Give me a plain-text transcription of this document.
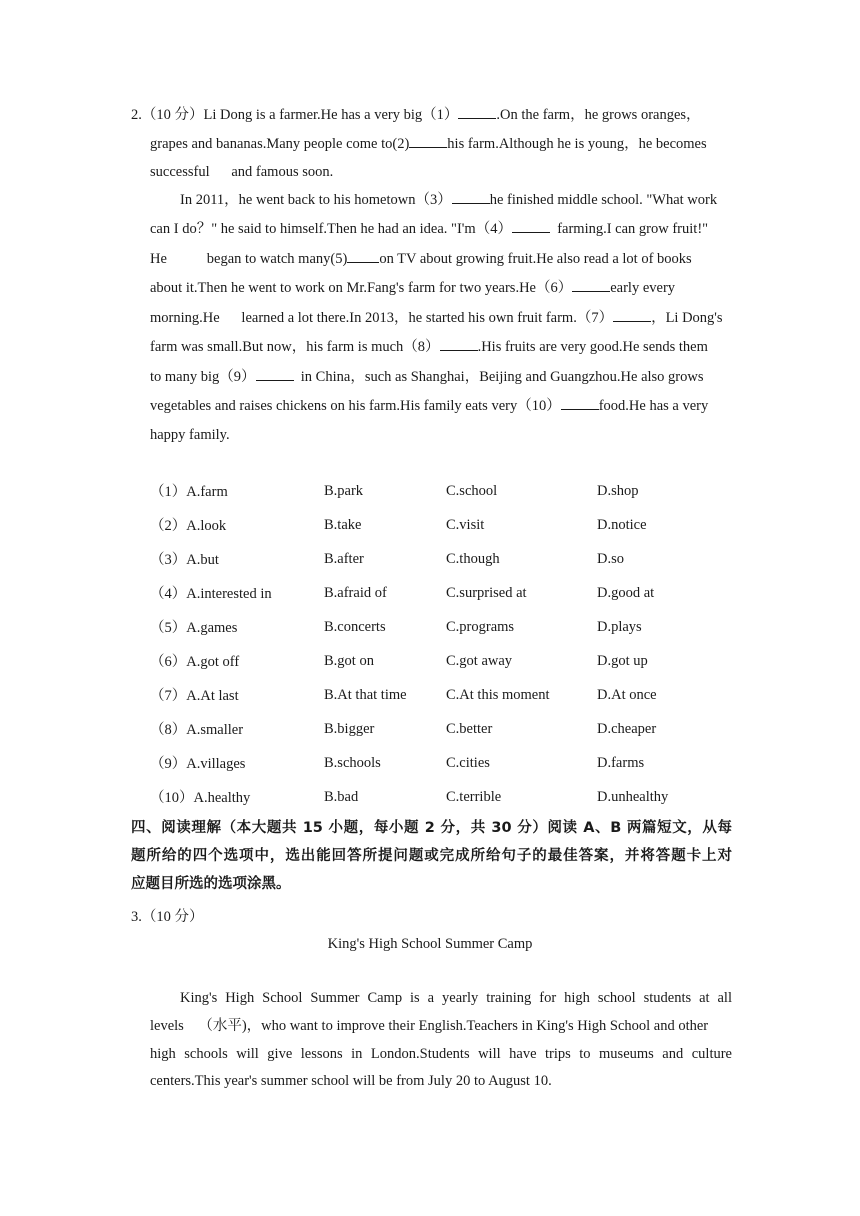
2.（10 分）Li Dong is a farmer.He has a very big（1）	.On the farm，he grows oranges，
grapes and bananas.Many people come to(2)	his farm.Although he is young，he becomes
successful      and famous soon.
In 2011，he went back to his hometown（3）	he finished middle school. "What work
can I do？" he said to himself.Then he had an idea. "I'm（4）	farming.I can grow fruit!"
He           began to watch many(5) on TV about growing fruit.He also read a lot of books
about it.Then he went to work on Mr.Fang's farm for two years.He（6）	early every
morning.He      learned a lot there.In 2013，he started his own fruit farm.（7）	，Li Dong's
farm was small.But now，his farm is much（8）	.His fruits are very good.He sends them
to many big（9）	in China，such as Shanghai，Beijing and Guangzhou.He also grows
vegetables and raises chickens on his farm.His family eats very（10）	food.He has a very
happy family.
（1）A.farm	B.park	C.school	D.shop
（2）A.look	B.take	C.visit	D.notice
（3）A.but	B.after	C.though	D.so
（4）A.interested in	B.afraid of	C.surprised at	D.good at
（5）A.games	B.concerts	C.programs	D.plays
（6）A.got off	B.got on	C.got away	D.got up
（7）A.At last	B.At that time	C.At this moment	D.At once
（8）A.smaller	B.bigger	C.better	D.cheaper
（9）A.villages	B.schools	C.cities	D.farms
（10）A.healthy	B.bad	C.terrible	D.unhealthy
四、阅读理解（本大题共 15 小题，每小题 2 分，共 30 分）阅读 A、B 两篇短文，从每
题所给的四个选项中，选出能回答所提问题或完成所给句子的最佳答案，并将答题卡上对
应题目所选的选项涂黑。
3.（10 分）
King's High School Summer Camp
King's High School Summer Camp is a yearly training for high school students at all
levels    （水平)，who want to improve their English.Teachers in King's High School and other
high schools will give lessons in London.Students will have trips to museums and culture
centers.This year's summer school will be from July 20 to August 10.
